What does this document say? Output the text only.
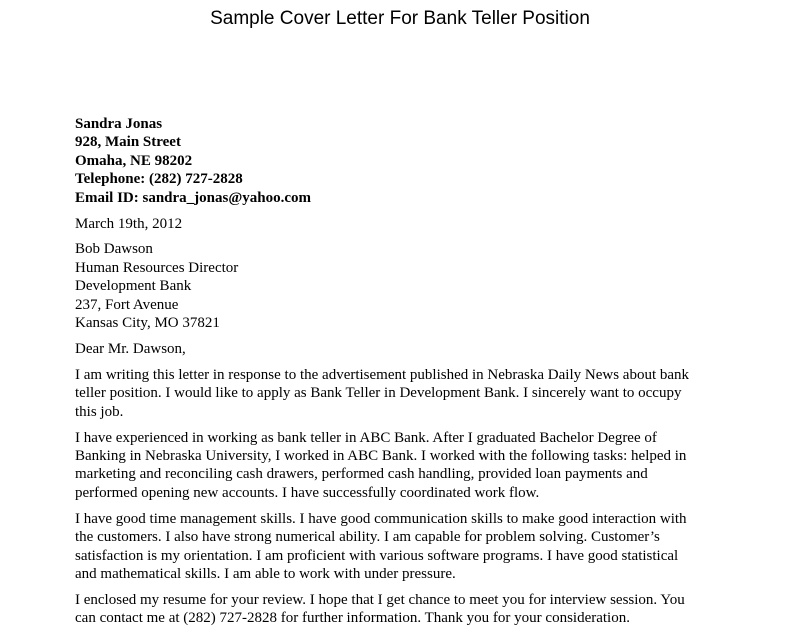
Sample Cover Letter For Bank Teller Position
Sandra Jonas
928, Main Street
Omaha, NE 98202
Telephone: (282) 727-2828
Email ID: sandra_jonas@yahoo.com
March 19th, 2012
Bob Dawson
Human Resources Director
Development Bank
237, Fort Avenue
Kansas City, MO 37821
Dear Mr. Dawson,
I am writing this letter in response to the advertisement published in Nebraska Daily News about bank
teller position. I would like to apply as Bank Teller in Development Bank. I sincerely want to occupy
this job.
I have experienced in working as bank teller in ABC Bank. After I graduated Bachelor Degree of
Banking in Nebraska University, I worked in ABC Bank. I worked with the following tasks: helped in
marketing and reconciling cash drawers, performed cash handling, provided loan payments and
performed opening new accounts. I have successfully coordinated work flow.
I have good time management skills. I have good communication skills to make good interaction with
the customers. I also have strong numerical ability. I am capable for problem solving. Customer’s
satisfaction is my orientation. I am proficient with various software programs. I have good statistical
and mathematical skills. I am able to work with under pressure.
I enclosed my resume for your review. I hope that I get chance to meet you for interview session. You
can contact me at (282) 727-2828 for further information. Thank you for your consideration.
